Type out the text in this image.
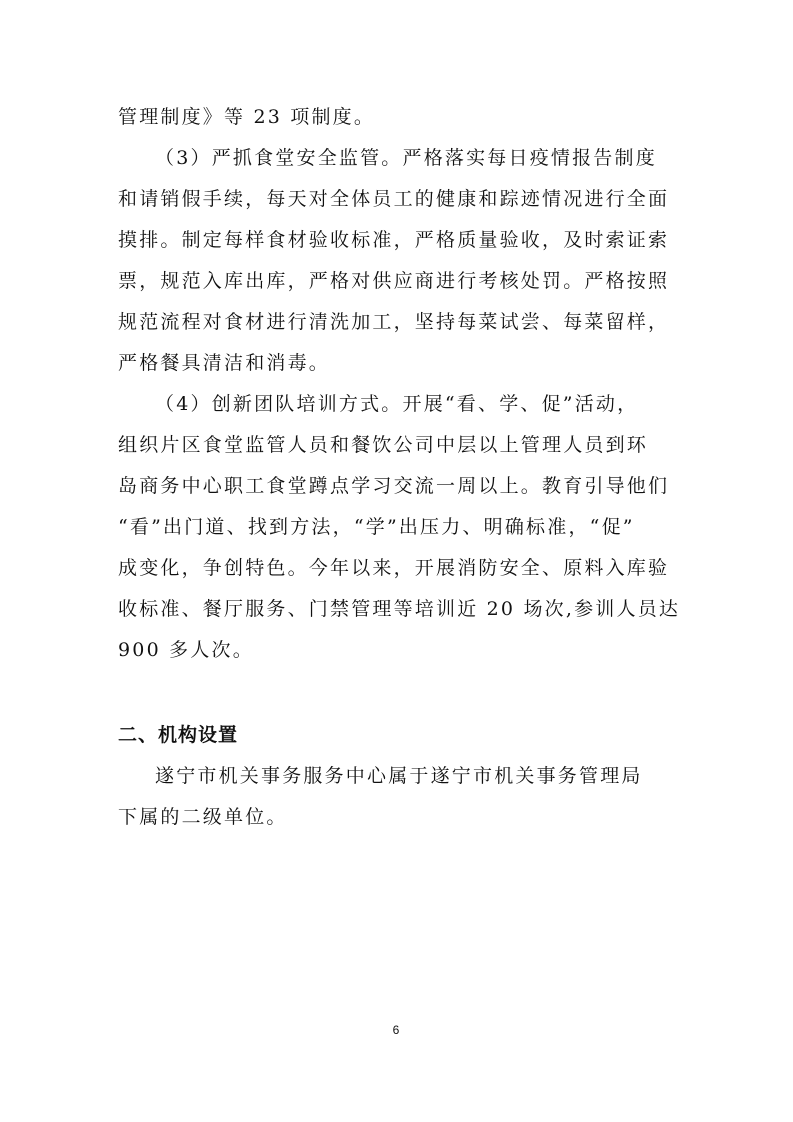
管理制度》等 23 项制度。
（3）严抓食堂安全监管。严格落实每日疫情报告制度
和请销假手续，每天对全体员工的健康和踪迹情况进行全面
摸排。制定每样食材验收标准，严格质量验收，及时索证索
票，规范入库出库，严格对供应商进行考核处罚。严格按照
规范流程对食材进行清洗加工，坚持每菜试尝、每菜留样，
严格餐具清洁和消毒。
（4）创新团队培训方式。开展“看、学、促”活动，
组织片区食堂监管人员和餐饮公司中层以上管理人员到环
岛商务中心职工食堂蹲点学习交流一周以上。教育引导他们
“看”出门道、找到方法，“学”出压力、明确标准，“促”
成变化，争创特色。今年以来，开展消防安全、原料入库验
收标准、餐厅服务、门禁管理等培训近 20 场次,参训人员达
900 多人次。
二、机构设置
遂宁市机关事务服务中心属于遂宁市机关事务管理局
下属的二级单位。
6
